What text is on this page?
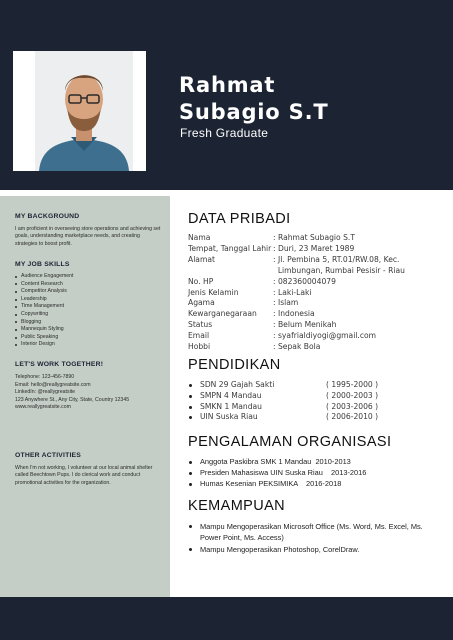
Rahmat
Subagio S.T
Fresh Graduate
MY BACKGROUND
I am proficient in overseeing store operations and achieving set goals, understanding marketplace needs, and creating strategies to boost profit.
MY JOB SKILLS
Audience Engagement
Content Research
Competitor Analysis
Leadership
Time Management
Copywriting
Blogging
Mannequin Styling
Public Speaking
Interior Design
LET'S WORK TOGETHER!
Telephone: 123-456-7890
Email: hello@reallygreatsite.com
LinkedIn: @reallygreatsite
123 Anywhere St., Any City, State, Country 12345
www.reallygreatsite.com
OTHER ACTIVITIES
When I'm not working, I volunteer at our local animal shelter called Beechtown Pups. I do clerical work and conduct promotional activities for the organization.
DATA PRIBADI
Nama	: Rahmat Subagio S.T
Tempat, Tanggal Lahir : Duri, 23 Maret 1989
Alamat	: Jl. Pembina 5, RT.01/RW.08, Kec.
Limbungan, Rumbai Pesisir - Riau
No. HP	: 082360004079
Jenis Kelamin	: Laki-Laki
Agama	: Islam
Kewarganegaraan	: Indonesia
Status	: Belum Menikah
Email	: syafrialdiyogi@gmail.com
Hobbi	: Sepak Bola
PENDIDIKAN
SDN 29 Gajah Sakti	( 1995-2000 )
SMPN 4 Mandau	( 2000-2003 )
SMKN 1 Mandau	( 2003-2006 )
UIN Suska Riau	( 2006-2010 )
PENGALAMAN ORGANISASI
Anggota Paskibra SMK 1 Mandau  2010-2013
Presiden Mahasiswa UIN Suska Riau    2013-2016
Humas Kesenian PEKSIMIKA    2016-2018
KEMAMPUAN
Mampu Mengoperasikan Microsoft Office (Ms. Word, Ms. Excel, Ms. Power Point, Ms. Access)
Mampu Mengoperasikan Photoshop, CorelDraw.
